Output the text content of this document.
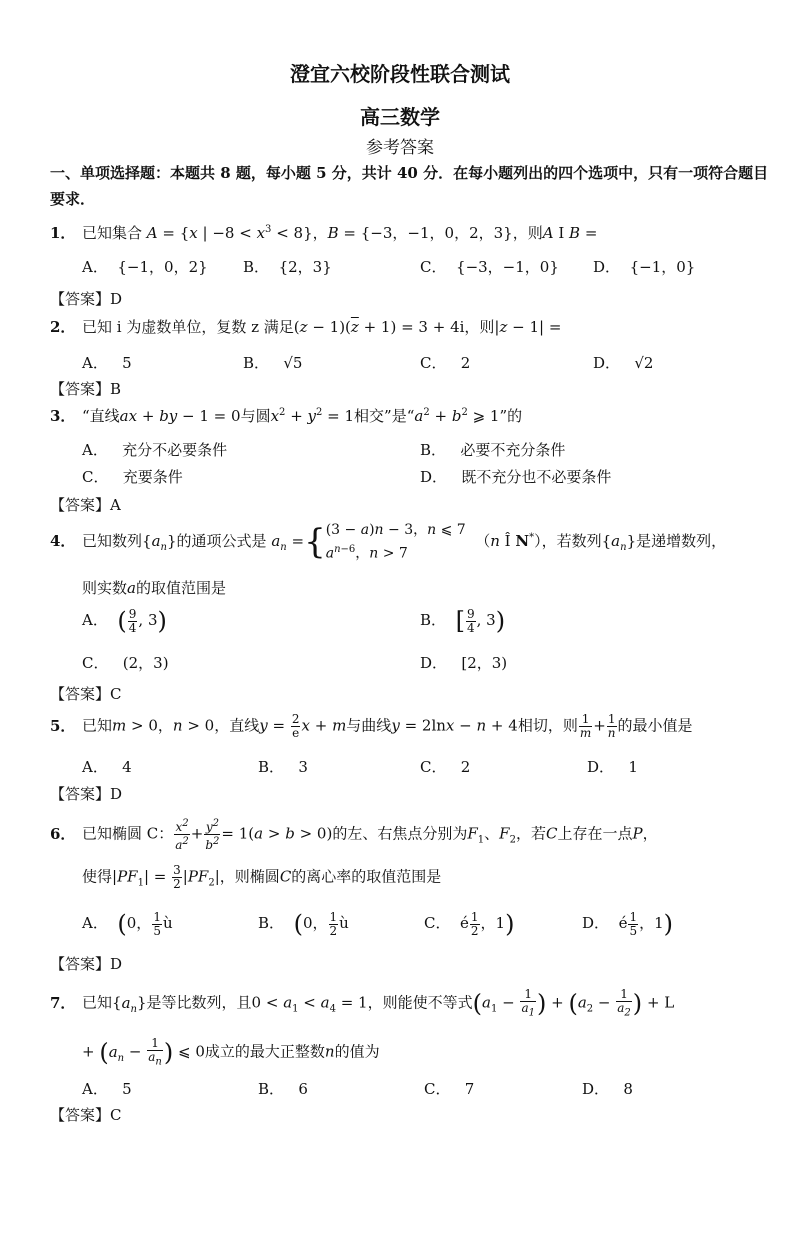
澄宜六校阶段性联合测试
高三数学
参考答案
一、单项选择题：本题共 8 题，每小题 5 分，共计 40 分．在每小题列出的四个选项中，只有一项符合题目要求．
1． 已知集合 A = {x | $-8 < x^3 < 8$}，B = {−3，−1，0，2，3}，则A I B =
A． {−1，0，2} B． {2，3}	C． {−3，−1，0} D． {−1，0}
【答案】D
2． 已知 i 为虚数单位，复数 z 满足$(z - 1)(\overline{z} + 1) = 3 + 4i$，则|z − 1| =
A． 5	B． √5	C． 2	D． √2
【答案】B
3． “直线ax + by − 1 = 0与圆$x^2 + y^2 = 1$相交”是“$a^2 + b^2$ ⩾ 1”的
A． 充分不必要条件	B． 必要不充分条件
C． 充要条件	D． 既不充分也不必要条件
【答案】A
4． 已知数列$\{a_n\}$的通项公式是 $a_n =\{(3 - a)n - 3$，n ⩽ 7
$a^{n-6}$，n > 7  （n Î N*），若数列$\{a_n\}$是递增数列，
则实数a的取值范围是
A． ( $\frac{9}{4}$ , 3)	B． [ $\frac{9}{4}$ , 3)
C．   (2，3)	D．   [2，3)
【答案】C
5． 已知m > 0，n > 0，直线$y = \frac{2}{e}$ x + m与曲线y = 2lnx − n + 4相切，则 $\frac{1}{m} + \frac{1}{n}$ 的最小值是
A． 4	B． 3	C． 2	D． 1
【答案】D
6． 已知椭圆 C： $\frac{x^2}{a^2} + \frac{y^2}{b^2} = 1(a > b > 0)$的左、右焦点分别为$F_1$、$F_2$，若C上存在一点P，
使得$|PF_1| = \frac{3}{2} |PF_2|$，则椭圆C的离心率的取值范围是
A． (0， $\frac{1}{5}$ ù	B． (0， $\frac{1}{2}$ ù	C．  é $\frac{1}{2}$ ，1)	D．  é $\frac{1}{5}$ ，1)
【答案】D
7． 已知$\{a_n\}$是等比数列，且$0 < a_1 < a_4 = 1$，则能使不等式($a_1 - \frac{1}{a_1}$ ) + ($a_2 - \frac{1}{a_2}$ ) + L
+ ($a_n - \frac{1}{a_n}$ ) ⩽ 0成立的最大正整数n的值为
A． 5	B． 6	C． 7	D． 8
【答案】C
